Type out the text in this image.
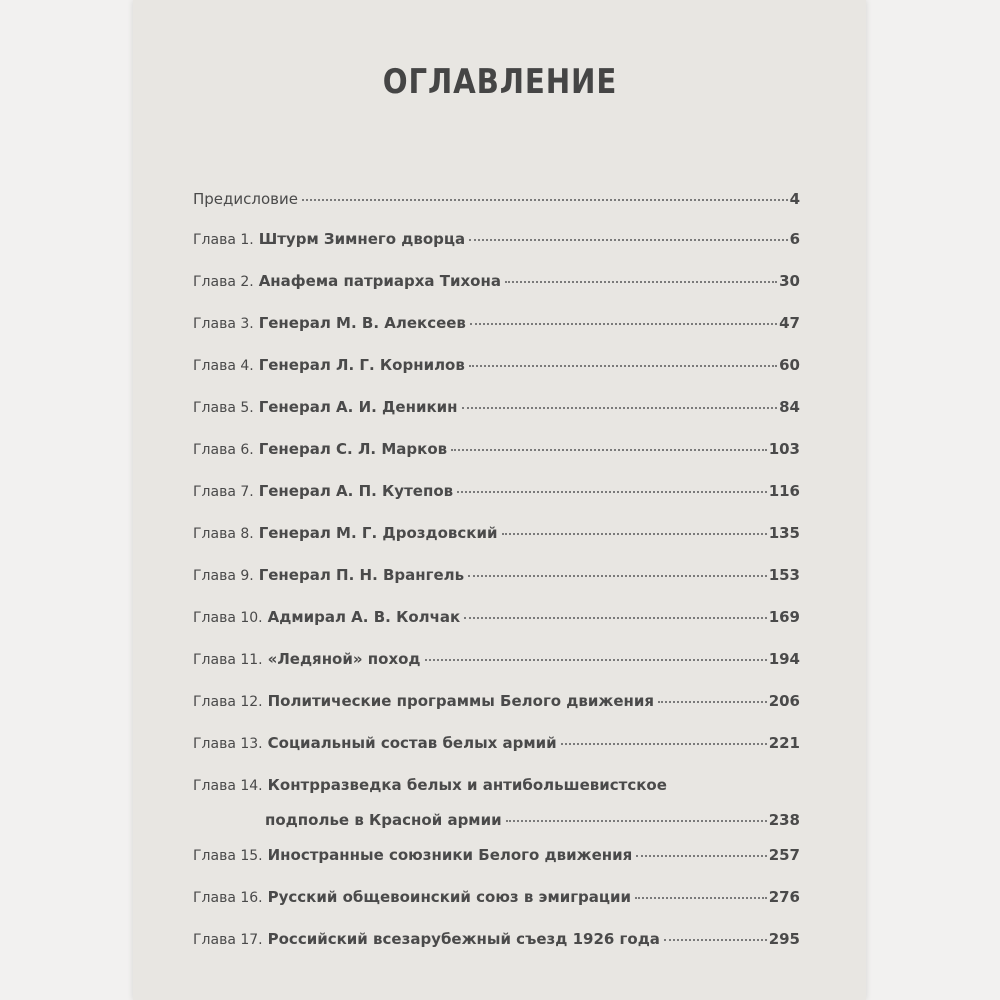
ОГЛАВЛЕНИЕ
Предисловие	4
Глава 1. Штурм Зимнего дворца	6
Глава 2. Анафема патриарха Тихона	30
Глава 3. Генерал М. В. Алексеев	47
Глава 4. Генерал Л. Г. Корнилов	60
Глава 5. Генерал А. И. Деникин	84
Глава 6. Генерал С. Л. Марков	103
Глава 7. Генерал А. П. Кутепов	116
Глава 8. Генерал М. Г. Дроздовский	135
Глава 9. Генерал П. Н. Врангель	153
Глава 10. Адмирал А. В. Колчак	169
Глава 11. «Ледяной» поход	194
Глава 12. Политические программы Белого движения	206
Глава 13. Социальный состав белых армий	221
Глава 14. Контрразведка белых и антибольшевистское
подполье в Красной армии	238
Глава 15. Иностранные союзники Белого движения	257
Глава 16. Русский общевоинский союз в эмиграции	276
Глава 17. Российский всезарубежный съезд 1926 года	295
